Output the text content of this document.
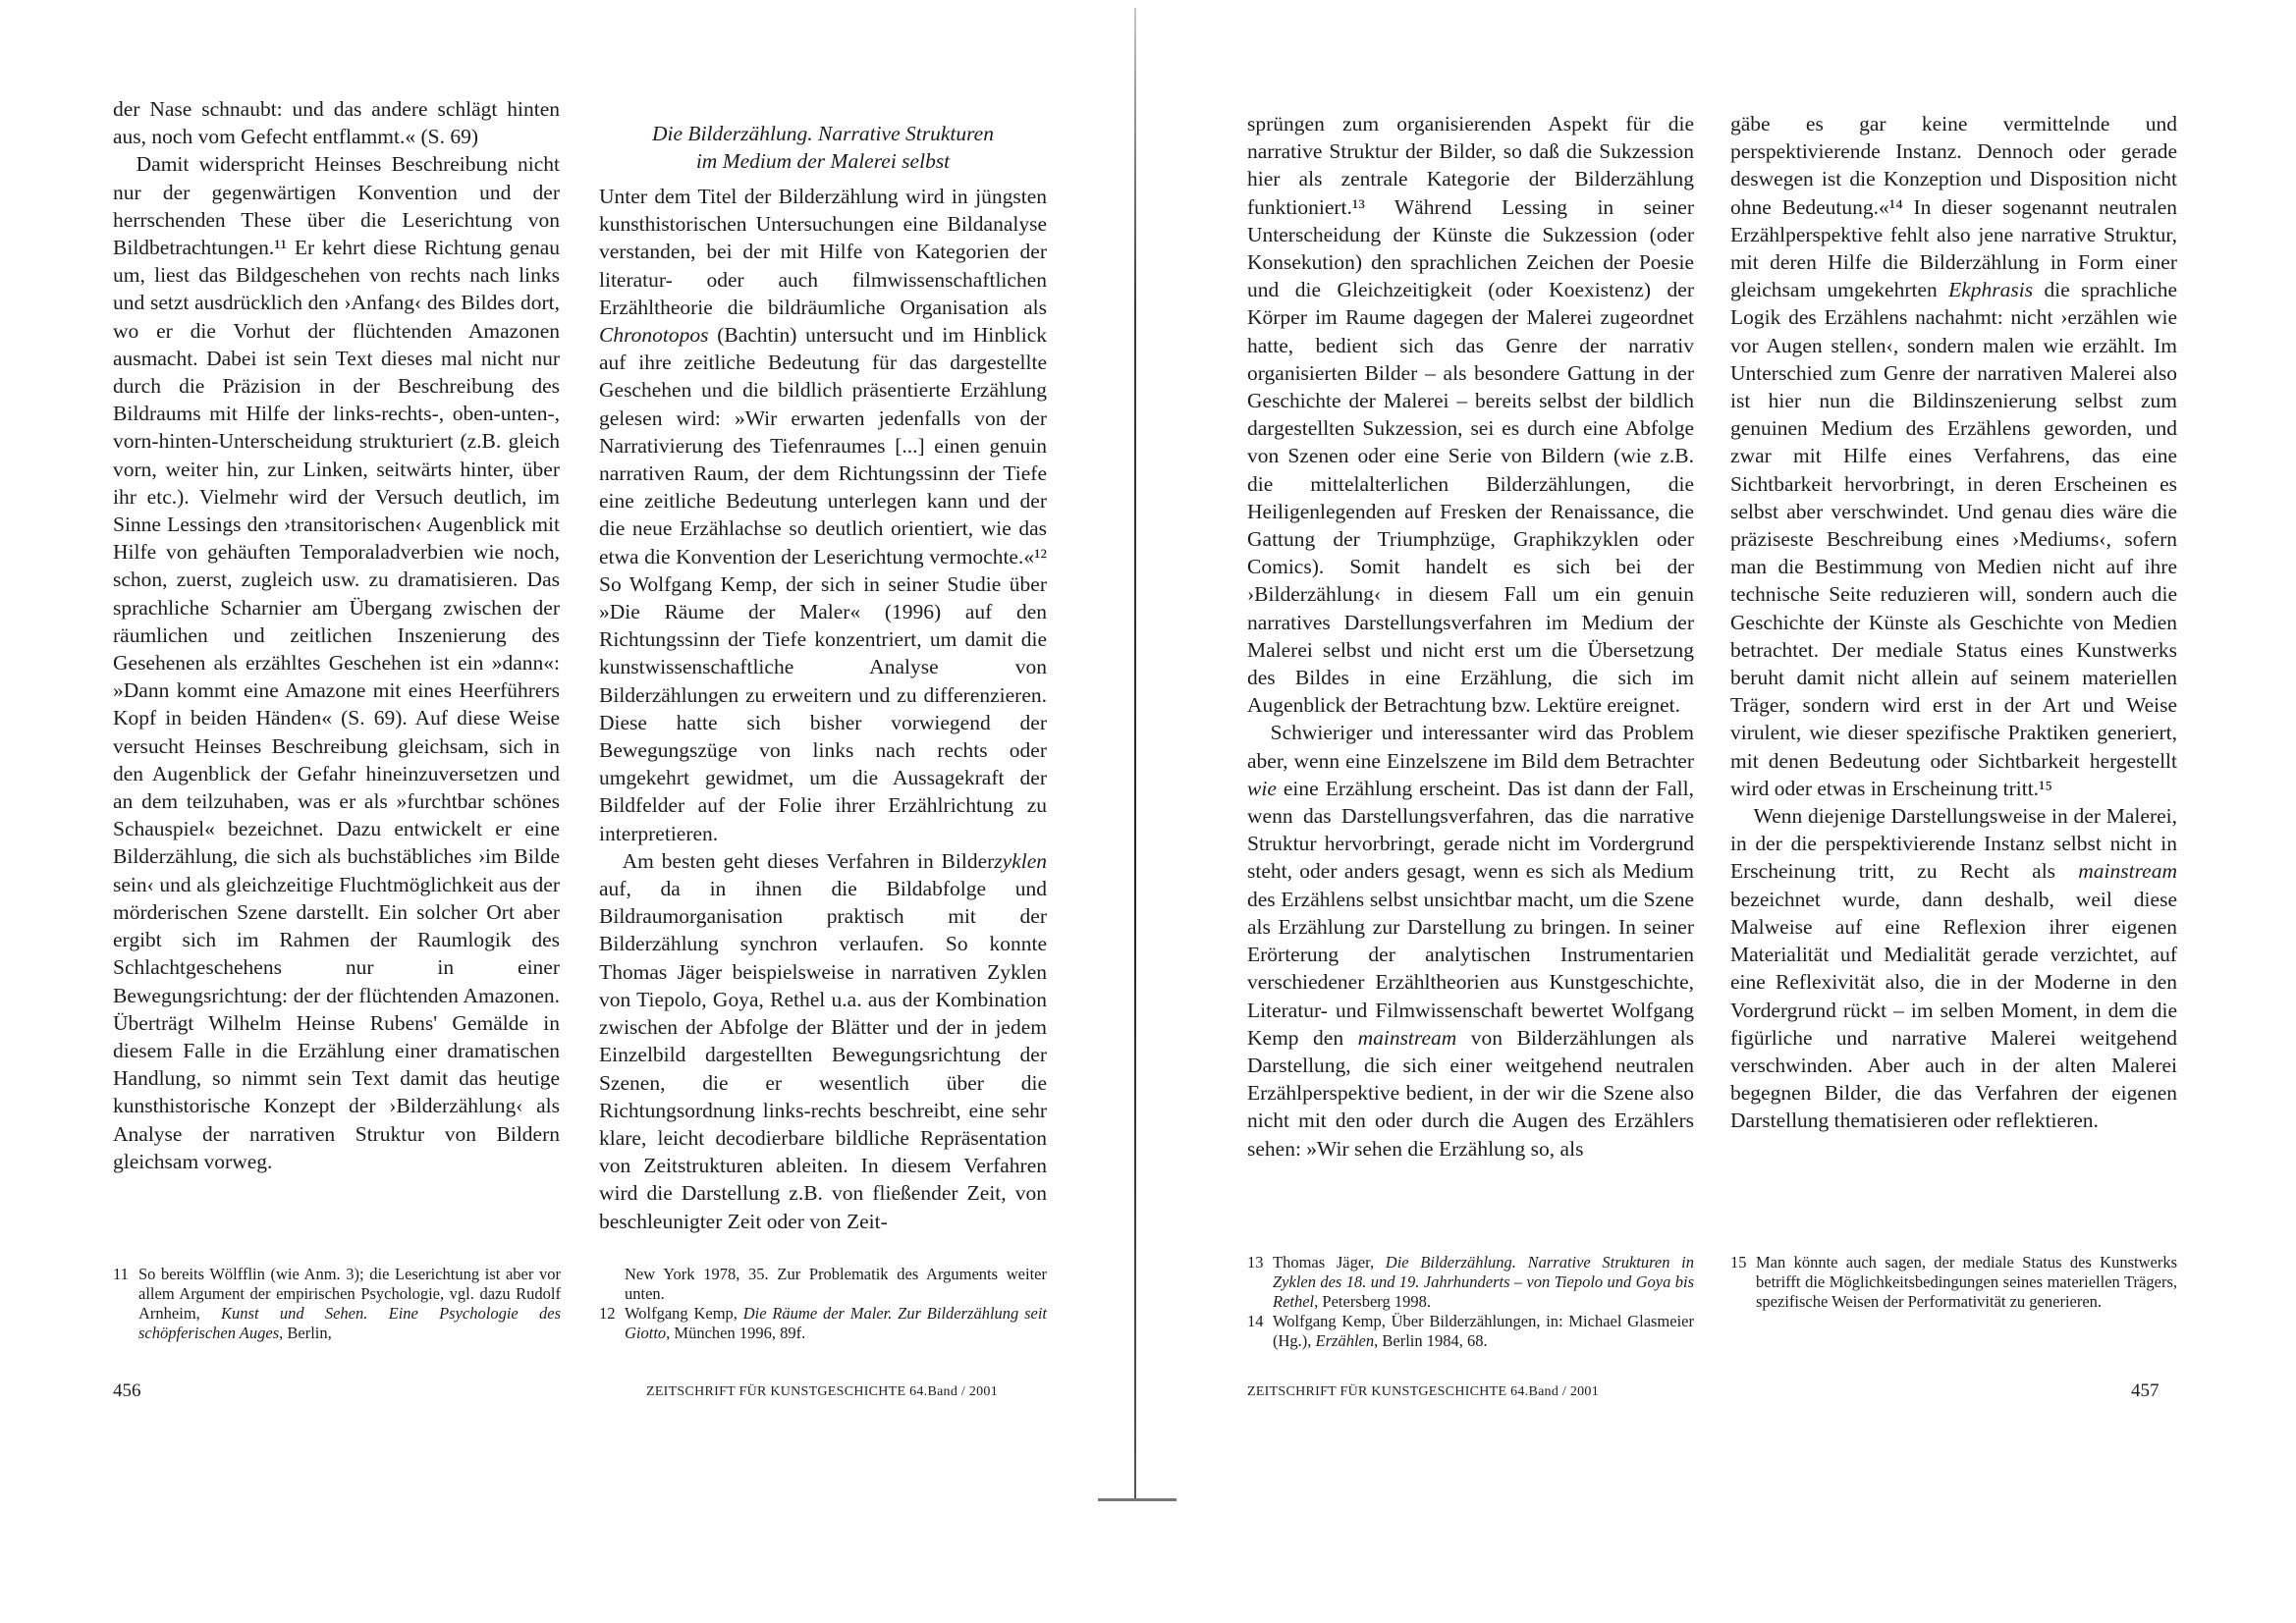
der Nase schnaubt: und das andere schlägt hinten aus, noch vom Gefecht entflammt.« (S. 69)

Damit widerspricht Heinses Beschreibung nicht nur der gegenwärtigen Konvention und der herrschenden These über die Leserichtung von Bildbetrachtungen.¹¹ Er kehrt diese Richtung genau um, liest das Bildgeschehen von rechts nach links und setzt ausdrücklich den ›Anfang‹ des Bildes dort, wo er die Vorhut der flüchtenden Amazonen ausmacht. Dabei ist sein Text dieses mal nicht nur durch die Präzision in der Beschreibung des Bildraums mit Hilfe der links-rechts-, oben-unten-, vorn-hinten-Unterscheidung strukturiert (z.B. gleich vorn, weiter hin, zur Linken, seitwärts hinter, über ihr etc.). Vielmehr wird der Versuch deutlich, im Sinne Lessings den ›transitorischen‹ Augenblick mit Hilfe von gehäuften Temporaladverbien wie noch, schon, zuerst, zugleich usw. zu dramatisieren. Das sprachliche Scharnier am Übergang zwischen der räumlichen und zeitlichen Inszenierung des Gesehenen als erzähltes Geschehen ist ein »dann«: »Dann kommt eine Amazone mit eines Heerführers Kopf in beiden Händen« (S. 69). Auf diese Weise versucht Heinses Beschreibung gleichsam, sich in den Augenblick der Gefahr hineinzuversetzen und an dem teilzuhaben, was er als »furchtbar schönes Schauspiel« bezeichnet. Dazu entwickelt er eine Bilderzählung, die sich als buchstäbliches ›im Bilde sein‹ und als gleichzeitige Fluchtmöglichkeit aus der mörderischen Szene darstellt. Ein solcher Ort aber ergibt sich im Rahmen der Raumlogik des Schlachtgeschehens nur in einer Bewegungsrichtung: der der flüchtenden Amazonen. Überträgt Wilhelm Heinse Rubens' Gemälde in diesem Falle in die Erzählung einer dramatischen Handlung, so nimmt sein Text damit das heutige kunsthistorische Konzept der ›Bilderzählung‹ als Analyse der narrativen Struktur von Bildern gleichsam vorweg.

Die Bilderzählung. Narrative Strukturen
im Medium der Malerei selbst

Unter dem Titel der Bilderzählung wird in jüngsten kunsthistorischen Untersuchungen eine Bildanalyse verstanden, bei der mit Hilfe von Kategorien der literatur- oder auch filmwissenschaftlichen Erzähltheorie die bildräumliche Organisation als Chronotopos (Bachtin) untersucht und im Hinblick auf ihre zeitliche Bedeutung für das dargestellte Geschehen und die bildlich präsentierte Erzählung gelesen wird: »Wir erwarten jedenfalls von der Narrativierung des Tiefenraumes [...] einen genuin narrativen Raum, der dem Richtungssinn der Tiefe eine zeitliche Bedeutung unterlegen kann und der die neue Erzählachse so deutlich orientiert, wie das etwa die Konvention der Leserichtung vermochte.«¹² So Wolfgang Kemp, der sich in seiner Studie über »Die Räume der Maler« (1996) auf den Richtungssinn der Tiefe konzentriert, um damit die kunstwissenschaftliche Analyse von Bilderzählungen zu erweitern und zu differenzieren. Diese hatte sich bisher vorwiegend der Bewegungszüge von links nach rechts oder umgekehrt gewidmet, um die Aussagekraft der Bildfelder auf der Folie ihrer Erzählrichtung zu interpretieren.

Am besten geht dieses Verfahren in Bilderzyklen auf, da in ihnen die Bildabfolge und Bildraumorganisation praktisch mit der Bilderzählung synchron verlaufen. So konnte Thomas Jäger beispielsweise in narrativen Zyklen von Tiepolo, Goya, Rethel u.a. aus der Kombination zwischen der Abfolge der Blätter und der in jedem Einzelbild dargestellten Bewegungsrichtung der Szenen, die er wesentlich über die Richtungsordnung links-rechts beschreibt, eine sehr klare, leicht decodierbare bildliche Repräsentation von Zeitstrukturen ableiten. In diesem Verfahren wird die Darstellung z.B. von fließender Zeit, von beschleunigter Zeit oder von Zeit-

11 So bereits Wölfflin (wie Anm. 3); die Leserichtung ist aber vor allem Argument der empirischen Psychologie, vgl. dazu Rudolf Arnheim, Kunst und Sehen. Eine Psychologie des schöpferischen Auges, Berlin,

New York 1978, 35. Zur Problematik des Arguments weiter unten.

12 Wolfgang Kemp, Die Räume der Maler. Zur Bilderzählung seit Giotto, München 1996, 89f.

456	ZEITSCHRIFT FÜR KUNSTGESCHICHTE 64.Band / 2001

sprüngen zum organisierenden Aspekt für die narrative Struktur der Bilder, so daß die Sukzession hier als zentrale Kategorie der Bilderzählung funktioniert.¹³ Während Lessing in seiner Unterscheidung der Künste die Sukzession (oder Konsekution) den sprachlichen Zeichen der Poesie und die Gleichzeitigkeit (oder Koexistenz) der Körper im Raume dagegen der Malerei zugeordnet hatte, bedient sich das Genre der narrativ organisierten Bilder – als besondere Gattung in der Geschichte der Malerei – bereits selbst der bildlich dargestellten Sukzession, sei es durch eine Abfolge von Szenen oder eine Serie von Bildern (wie z.B. die mittelalterlichen Bilderzählungen, die Heiligenlegenden auf Fresken der Renaissance, die Gattung der Triumphzüge, Graphikzyklen oder Comics). Somit handelt es sich bei der ›Bilderzählung‹ in diesem Fall um ein genuin narratives Darstellungsverfahren im Medium der Malerei selbst und nicht erst um die Übersetzung des Bildes in eine Erzählung, die sich im Augenblick der Betrachtung bzw. Lektüre ereignet.

Schwieriger und interessanter wird das Problem aber, wenn eine Einzelszene im Bild dem Betrachter wie eine Erzählung erscheint. Das ist dann der Fall, wenn das Darstellungsverfahren, das die narrative Struktur hervorbringt, gerade nicht im Vordergrund steht, oder anders gesagt, wenn es sich als Medium des Erzählens selbst unsichtbar macht, um die Szene als Erzählung zur Darstellung zu bringen. In seiner Erörterung der analytischen Instrumentarien verschiedener Erzähltheorien aus Kunstgeschichte, Literatur- und Filmwissenschaft bewertet Wolfgang Kemp den mainstream von Bilderzählungen als Darstellung, die sich einer weitgehend neutralen Erzählperspektive bedient, in der wir die Szene also nicht mit den oder durch die Augen des Erzählers sehen: »Wir sehen die Erzählung so, als

gäbe es gar keine vermittelnde und perspektivierende Instanz. Dennoch oder gerade deswegen ist die Konzeption und Disposition nicht ohne Bedeutung.«¹⁴ In dieser sogenannt neutralen Erzählperspektive fehlt also jene narrative Struktur, mit deren Hilfe die Bilderzählung in Form einer gleichsam umgekehrten Ekphrasis die sprachliche Logik des Erzählens nachahmt: nicht ›erzählen wie vor Augen stellen‹, sondern malen wie erzählt. Im Unterschied zum Genre der narrativen Malerei also ist hier nun die Bildinszenierung selbst zum genuinen Medium des Erzählens geworden, und zwar mit Hilfe eines Verfahrens, das eine Sichtbarkeit hervorbringt, in deren Erscheinen es selbst aber verschwindet. Und genau dies wäre die präziseste Beschreibung eines ›Mediums‹, sofern man die Bestimmung von Medien nicht auf ihre technische Seite reduzieren will, sondern auch die Geschichte der Künste als Geschichte von Medien betrachtet. Der mediale Status eines Kunstwerks beruht damit nicht allein auf seinem materiellen Träger, sondern wird erst in der Art und Weise virulent, wie dieser spezifische Praktiken generiert, mit denen Bedeutung oder Sichtbarkeit hergestellt wird oder etwas in Erscheinung tritt.¹⁵

Wenn diejenige Darstellungsweise in der Malerei, in der die perspektivierende Instanz selbst nicht in Erscheinung tritt, zu Recht als mainstream bezeichnet wurde, dann deshalb, weil diese Malweise auf eine Reflexion ihrer eigenen Materialität und Medialität gerade verzichtet, auf eine Reflexivität also, die in der Moderne in den Vordergrund rückt – im selben Moment, in dem die figürliche und narrative Malerei weitgehend verschwinden. Aber auch in der alten Malerei begegnen Bilder, die das Verfahren der eigenen Darstellung thematisieren oder reflektieren.

13 Thomas Jäger, Die Bilderzählung. Narrative Strukturen in Zyklen des 18. und 19. Jahrhunderts – von Tiepolo und Goya bis Rethel, Petersberg 1998.

14 Wolfgang Kemp, Über Bilderzählungen, in: Michael Glasmeier (Hg.), Erzählen, Berlin 1984, 68.

15 Man könnte auch sagen, der mediale Status des Kunstwerks betrifft die Möglichkeitsbedingungen seines materiellen Trägers, spezifische Weisen der Performativität zu generieren.

ZEITSCHRIFT FÜR KUNSTGESCHICHTE 64.Band / 2001	457
